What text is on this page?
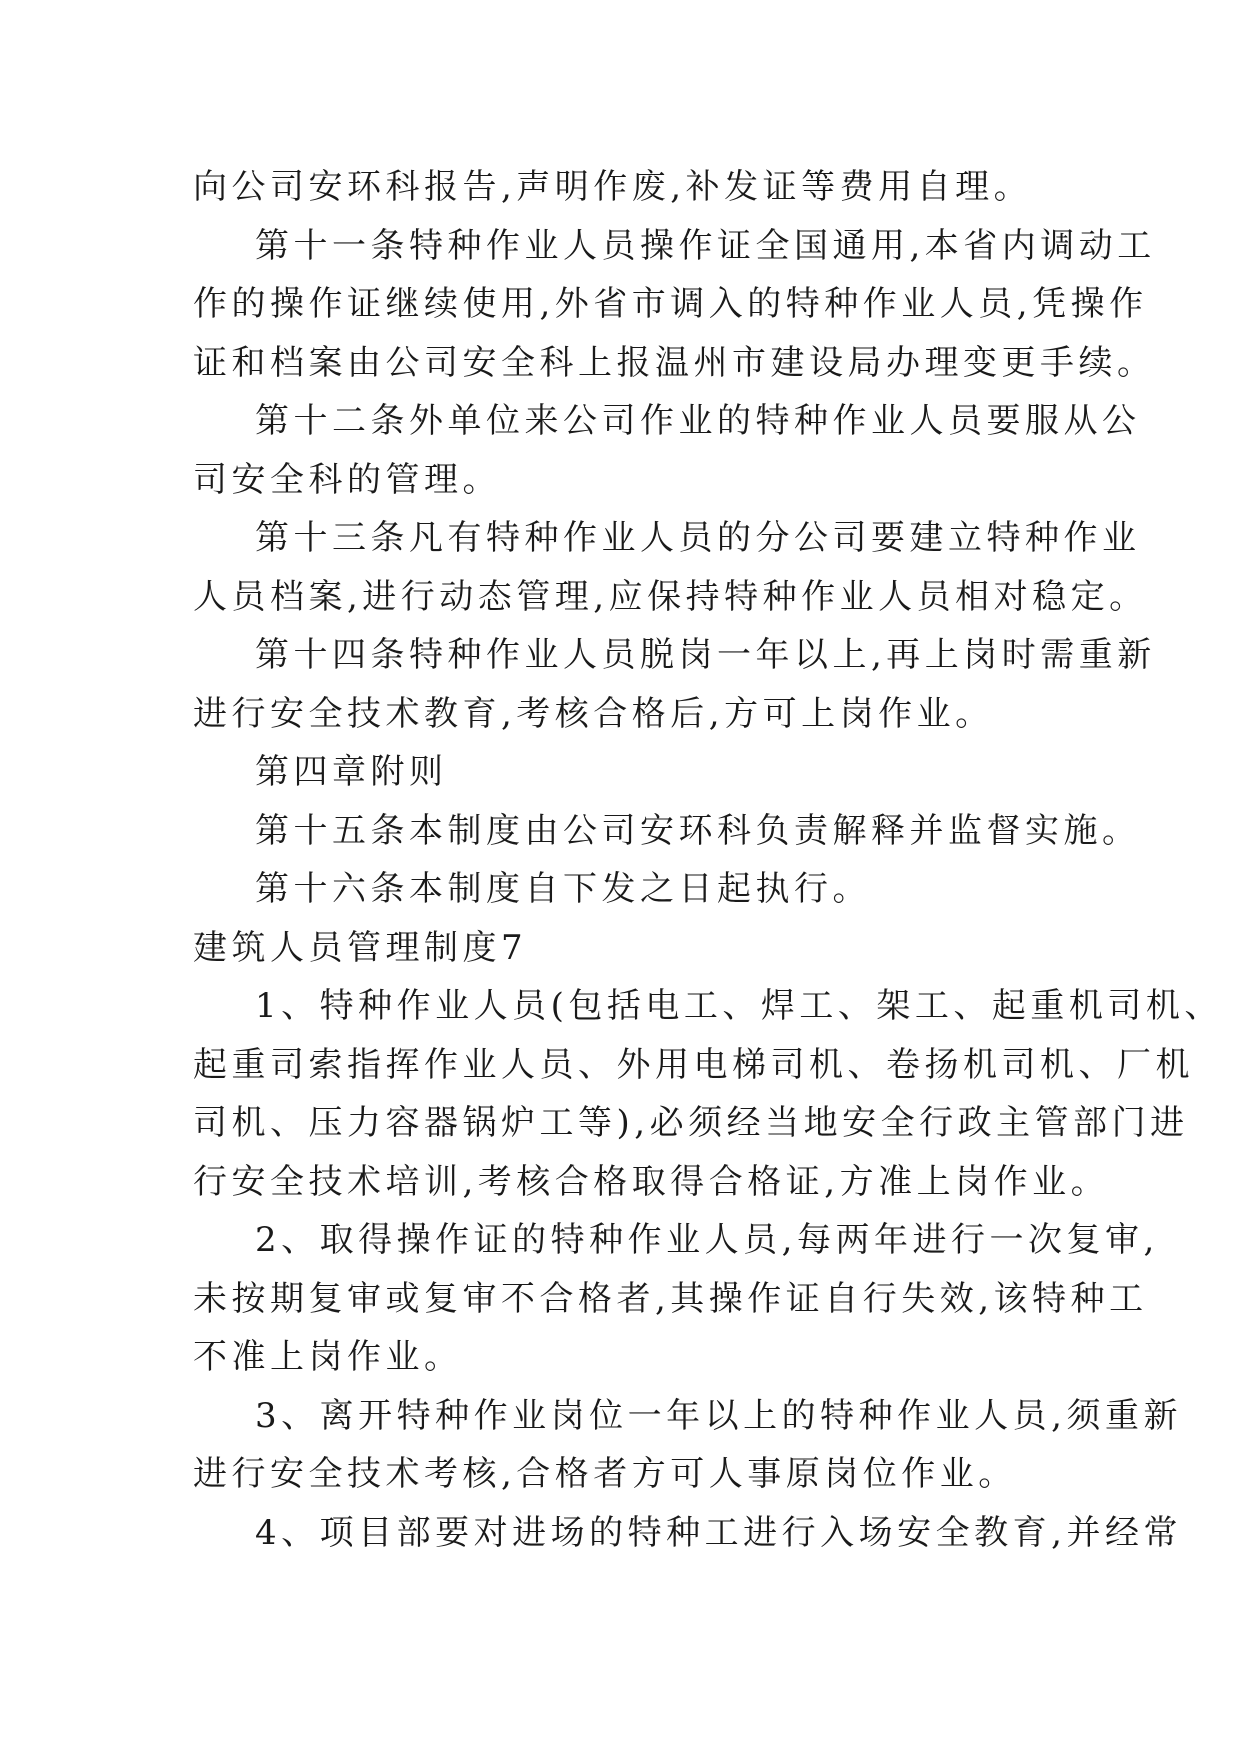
向公司安环科报告,声明作废,补发证等费用自理。
第十一条特种作业人员操作证全国通用,本省内调动工
作的操作证继续使用,外省市调入的特种作业人员,凭操作
证和档案由公司安全科上报温州市建设局办理变更手续。
第十二条外单位来公司作业的特种作业人员要服从公
司安全科的管理。
第十三条凡有特种作业人员的分公司要建立特种作业
人员档案,进行动态管理,应保持特种作业人员相对稳定。
第十四条特种作业人员脱岗一年以上,再上岗时需重新
进行安全技术教育,考核合格后,方可上岗作业。
第四章附则
第十五条本制度由公司安环科负责解释并监督实施。
第十六条本制度自下发之日起执行。
建筑人员管理制度7
1、特种作业人员(包括电工、焊工、架工、起重机司机、
起重司索指挥作业人员、外用电梯司机、卷扬机司机、厂机
司机、压力容器锅炉工等),必须经当地安全行政主管部门进
行安全技术培训,考核合格取得合格证,方准上岗作业。
2、取得操作证的特种作业人员,每两年进行一次复审,
未按期复审或复审不合格者,其操作证自行失效,该特种工
不准上岗作业。
3、离开特种作业岗位一年以上的特种作业人员,须重新
进行安全技术考核,合格者方可人事原岗位作业。
4、项目部要对进场的特种工进行入场安全教育,并经常
